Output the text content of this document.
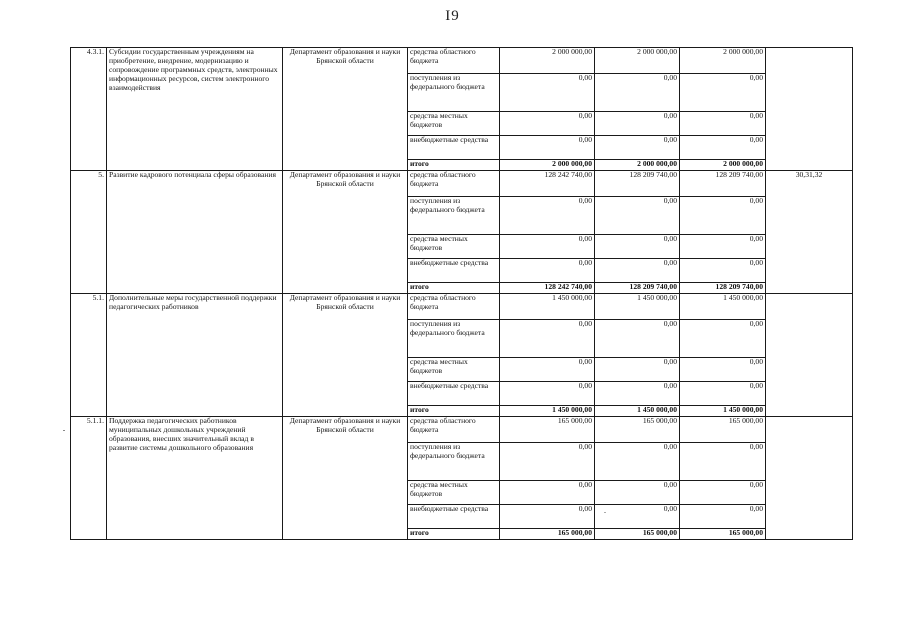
I9
4.3.1.	Субсидии государственным учреждениям на приобретение, внедрение, модернизацию и сопровождение программных средств, электронных информационных ресурсов, систем электронного взаимодействия	Департамент образования и науки Брянской области	средства областного бюджета	2 000 000,00	2 000 000,00	2 000 000,00	
			поступления из федерального бюджета	0,00	0,00	0,00	
			средства местных бюджетов	0,00	0,00	0,00	
			внебюджетные средства	0,00	0,00	0,00	
			итого	2 000 000,00	2 000 000,00	2 000 000,00	
5.	Развитие кадрового потенциала сферы образования	Департамент образования и науки Брянской области	средства областного бюджета	128 242 740,00	128 209 740,00	128 209 740,00	30,31,32
			поступления из федерального бюджета	0,00	0,00	0,00	
			средства местных бюджетов	0,00	0,00	0,00	
			внебюджетные средства	0,00	0,00	0,00	
			итого	128 242 740,00	128 209 740,00	128 209 740,00	
5.1.	Дополнительные меры государственной поддержки педагогических работников	Департамент образования и науки Брянской области	средства областного бюджета	1 450 000,00	1 450 000,00	1 450 000,00	
			поступления из федерального бюджета	0,00	0,00	0,00	
			средства местных бюджетов	0,00	0,00	0,00	
			внебюджетные средства	0,00	0,00	0,00	
			итого	1 450 000,00	1 450 000,00	1 450 000,00	
5.1.1.	Поддержка педагогических работников муниципальных дошкольных учреждений образования, внесших значительный вклад в развитие системы дошкольного образования	Департамент образования и науки Брянской области	средства областного бюджета	165 000,00	165 000,00	165 000,00	
			поступления из федерального бюджета	0,00	0,00	0,00	
			средства местных бюджетов	0,00	0,00	0,00	
			внебюджетные средства	0,00	0,00	0,00	
			итого	165 000,00	165 000,00	165 000,00	
